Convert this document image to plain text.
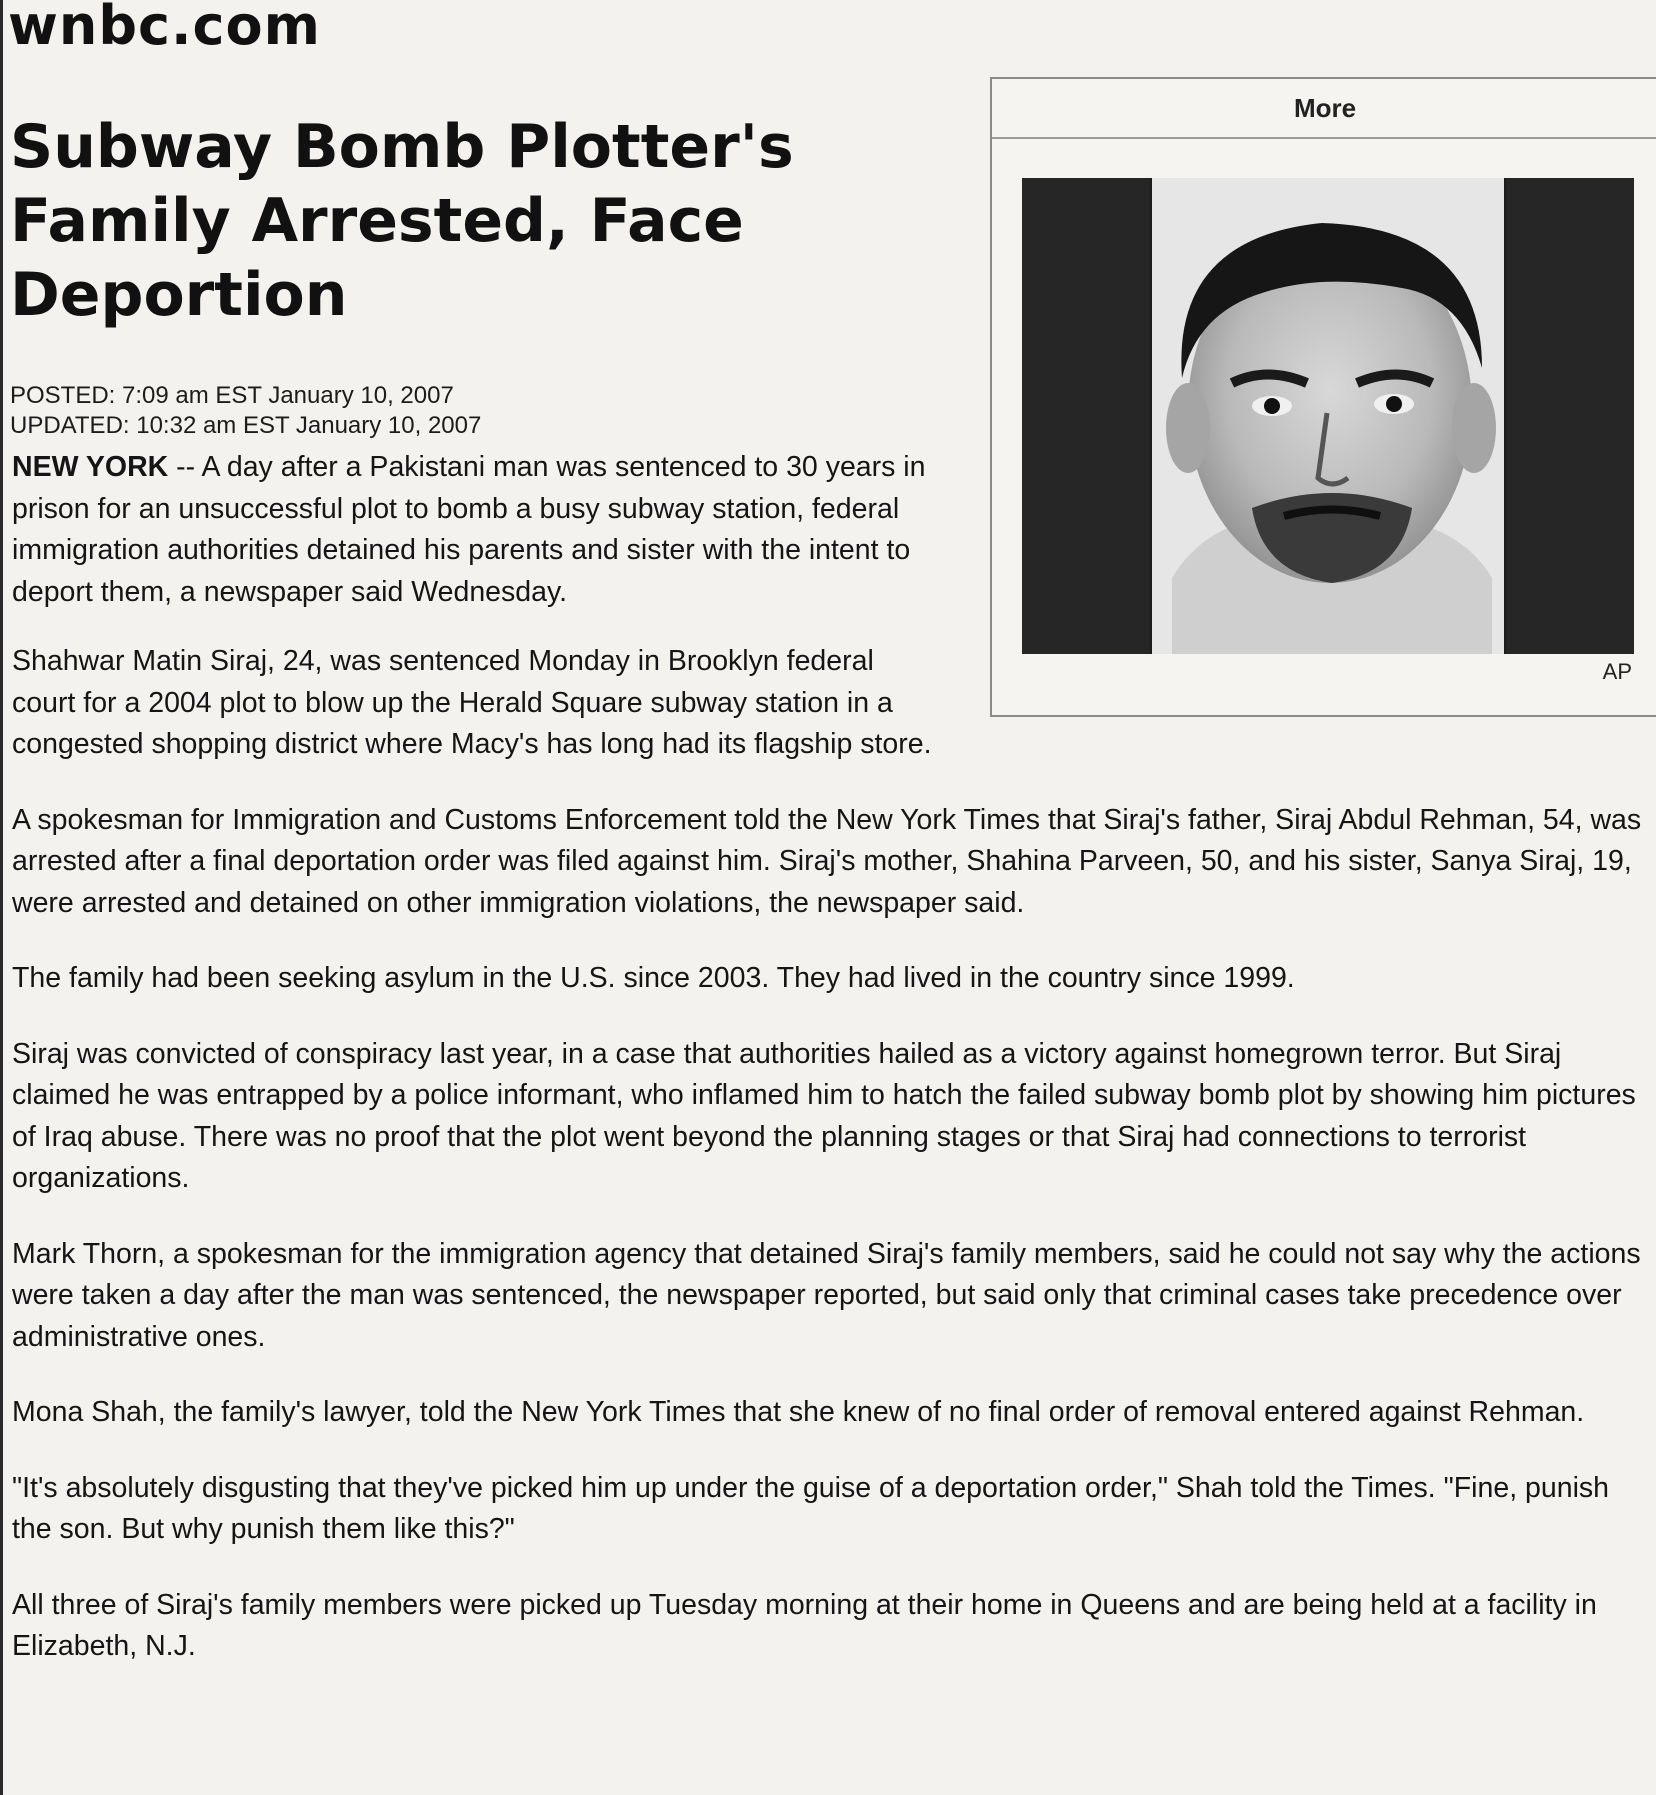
wnbc.com
Subway Bomb Plotter's Family Arrested, Face Deportion
POSTED: 7:09 am EST January 10, 2007
UPDATED: 10:32 am EST January 10, 2007
More
AP

NEW YORK -- A day after a Pakistani man was sentenced to 30 years in prison for an unsuccessful plot to bomb a busy subway station, federal immigration authorities detained his parents and sister with the intent to deport them, a newspaper said Wednesday.

Shahwar Matin Siraj, 24, was sentenced Monday in Brooklyn federal court for a 2004 plot to blow up the Herald Square subway station in a congested shopping district where Macy's has long had its flagship store.

A spokesman for Immigration and Customs Enforcement told the New York Times that Siraj's father, Siraj Abdul Rehman, 54, was arrested after a final deportation order was filed against him. Siraj's mother, Shahina Parveen, 50, and his sister, Sanya Siraj, 19, were arrested and detained on other immigration violations, the newspaper said.

The family had been seeking asylum in the U.S. since 2003. They had lived in the country since 1999.

Siraj was convicted of conspiracy last year, in a case that authorities hailed as a victory against homegrown terror. But Siraj claimed he was entrapped by a police informant, who inflamed him to hatch the failed subway bomb plot by showing him pictures of Iraq abuse. There was no proof that the plot went beyond the planning stages or that Siraj had connections to terrorist organizations.

Mark Thorn, a spokesman for the immigration agency that detained Siraj's family members, said he could not say why the actions were taken a day after the man was sentenced, the newspaper reported, but said only that criminal cases take precedence over administrative ones.

Mona Shah, the family's lawyer, told the New York Times that she knew of no final order of removal entered against Rehman.

"It's absolutely disgusting that they've picked him up under the guise of a deportation order," Shah told the Times. "Fine, punish the son. But why punish them like this?"

All three of Siraj's family members were picked up Tuesday morning at their home in Queens and are being held at a facility in Elizabeth, N.J.
